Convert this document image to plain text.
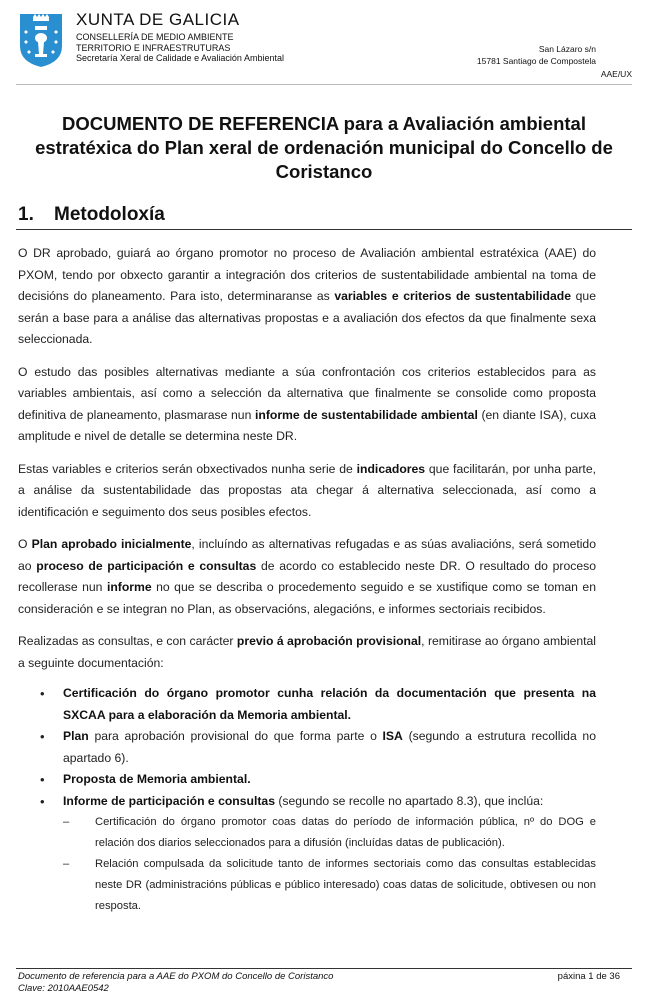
XUNTA DE GALICIA
CONSELLERÍA DE MEDIO AMBIENTE
TERRITORIO E INFRAESTRUTURAS
Secretaría Xeral de Calidade e Avaliación Ambiental
San Lázaro s/n
15781 Santiago de Compostela
AAE/UX
DOCUMENTO DE REFERENCIA para a Avaliación ambiental estratéxica do Plan xeral de ordenación municipal do Concello de Coristanco
1. Metodoloxía

O DR aprobado, guiará ao órgano promotor no proceso de Avaliación ambiental estratéxica (AAE) do PXOM, tendo por obxecto garantir a integración dos criterios de sustentabilidade ambiental na toma de decisións do planeamento. Para isto, determinaranse as variables e criterios de sustentabilidade que serán a base para a análise das alternativas propostas e a avaliación dos efectos da que finalmente sexa seleccionada.

O estudo das posibles alternativas mediante a súa confrontación cos criterios establecidos para as variables ambientais, así como a selección da alternativa que finalmente se consolide como proposta definitiva de planeamento, plasmarase nun informe de sustentabilidade ambiental (en diante ISA), cuxa amplitude e nivel de detalle se determina neste DR.

Estas variables e criterios serán obxectivados nunha serie de indicadores que facilitarán, por unha parte, a análise da sustentabilidade das propostas ata chegar á alternativa seleccionada, así como a identificación e seguimento dos seus posibles efectos.

O Plan aprobado inicialmente, incluíndo as alternativas refugadas e as súas avaliacións, será sometido ao proceso de participación e consultas de acordo co establecido neste DR. O resultado do proceso recollerase nun informe no que se describa o procedemento seguido e se xustifique como se toman en consideración e se integran no Plan, as observacións, alegacións, e informes sectoriais recibidos.

Realizadas as consultas, e con carácter previo á aprobación provisional, remitirase ao órgano ambiental a seguinte documentación:

• Certificación do órgano promotor cunha relación da documentación que presenta na SXCAA para a elaboración da Memoria ambiental.
• Plan para aprobación provisional do que forma parte o ISA (segundo a estrutura recollida no apartado 6).
• Proposta de Memoria ambiental.
• Informe de participación e consultas (segundo se recolle no apartado 8.3), que inclúa:
– Certificación do órgano promotor coas datas do período de información pública, nº do DOG e relación dos diarios seleccionados para a difusión (incluídas datas de publicación).
– Relación compulsada da solicitude tanto de informes sectoriais como das consultas establecidas neste DR (administracións públicas e público interesado) coas datas de solicitude, obtivesen ou non resposta.
Documento de referencia para a AAE do PXOM do Concello de Coristanco
Clave: 2010AAE0542
páxina 1 de 36
